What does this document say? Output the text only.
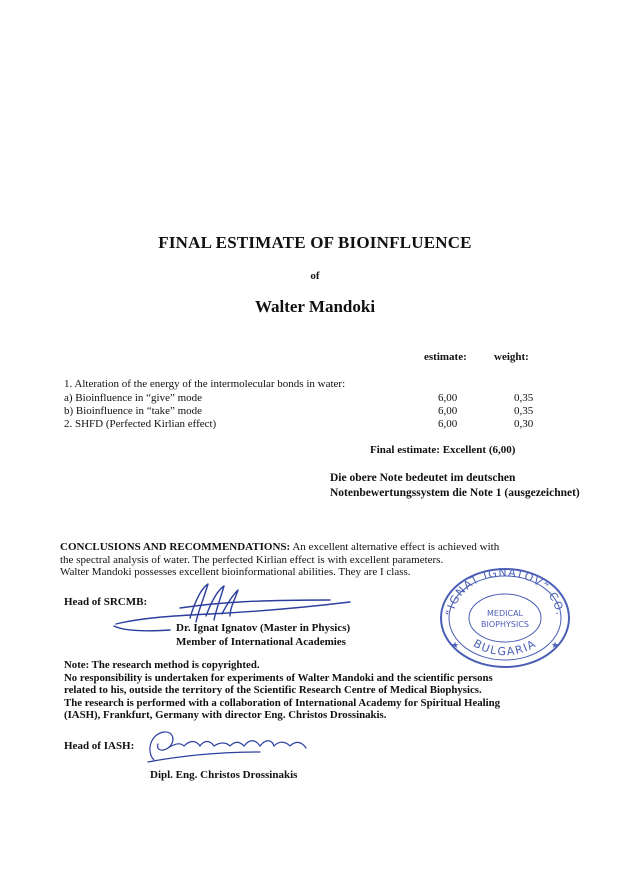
FINAL ESTIMATE OF BIOINFLUENCE
of
Walter Mandoki
estimate: weight:
1. Alteration of the energy of the intermolecular bonds in water:
a) Bioinfluence in “give” mode	6,00	0,35
b) Bioinfluence in “take” mode	6,00	0,35
2. SHFD (Perfected Kirlian effect)	6,00	0,30
Final estimate: Excellent (6,00)
Die obere Note bedeutet im deutschen Notenbewertungssystem die Note 1 (ausgezeichnet)
CONCLUSIONS AND RECOMMENDATIONS: An excellent alternative effect is achieved with
the spectral analysis of water. The perfected Kirlian effect is with excellent parameters.
Walter Mandoki possesses excellent bioinformational abilities. They are I class.
Head of SRCMB:
Dr. Ignat Ignatov (Master in Physics)
Member of International Academies
“IGNAT IGNATOV” CO.
BULGARIA
MEDICAL
BIOPHYSICS
★	★
Note: The research method is copyrighted.
No responsibility is undertaken for experiments of Walter Mandoki and the scientific persons
related to his, outside the territory of the Scientific Research Centre of Medical Biophysics.
The research is performed with a collaboration of International Academy for Spiritual Healing
(IASH), Frankfurt, Germany with director Eng. Christos Drossinakis.
Head of IASH:
Dipl. Eng. Christos Drossinakis
